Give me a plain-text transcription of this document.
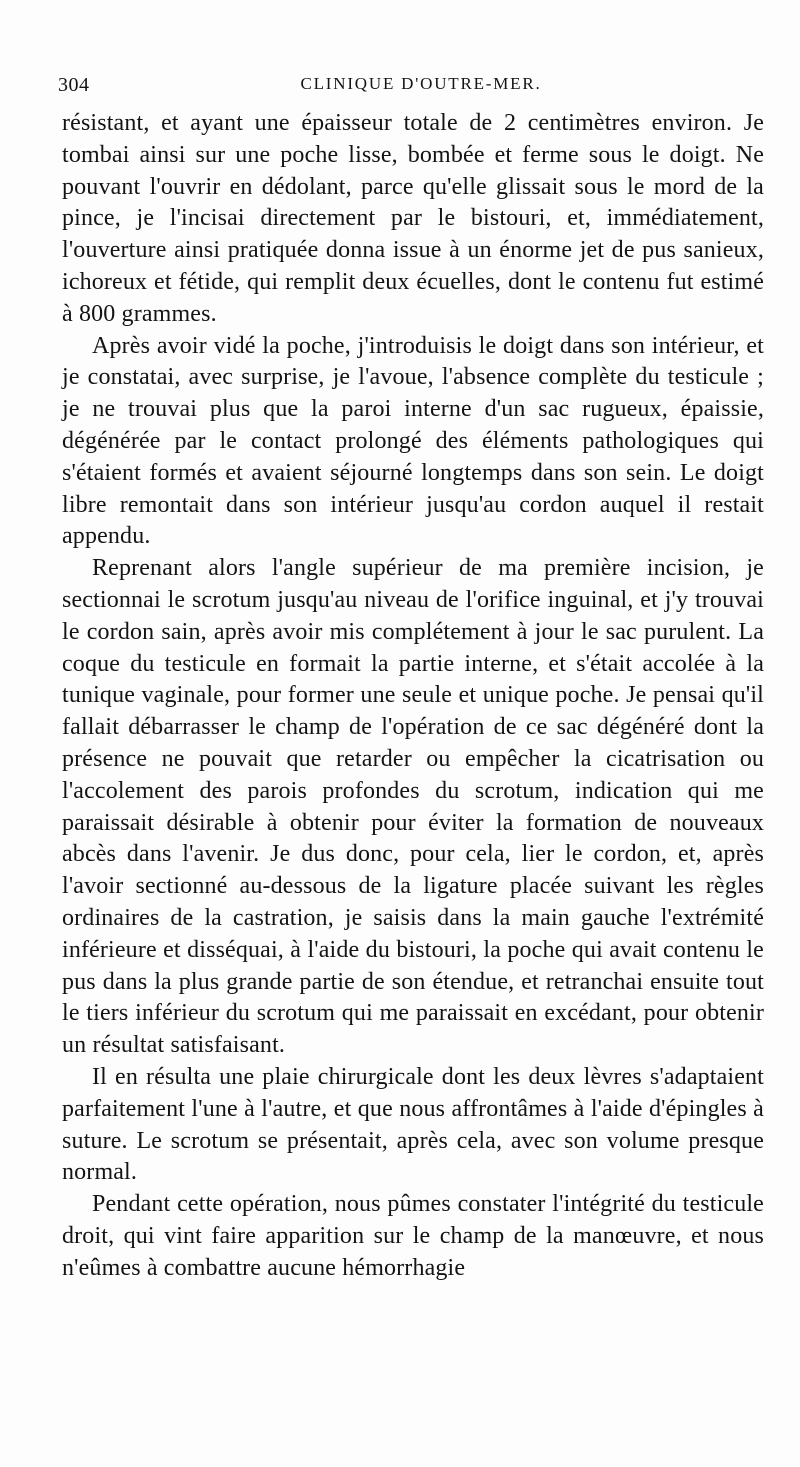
304	CLINIQUE D'OUTRE-MER.

résistant, et ayant une épaisseur totale de 2 centimètres environ. Je tombai ainsi sur une poche lisse, bombée et ferme sous le doigt. Ne pouvant l'ouvrir en dédolant, parce qu'elle glissait sous le mord de la pince, je l'incisai directement par le bistouri, et, immédiatement, l'ouverture ainsi pratiquée donna issue à un énorme jet de pus sanieux, ichoreux et fétide, qui remplit deux écuelles, dont le contenu fut estimé à 800 grammes.

Après avoir vidé la poche, j'introduisis le doigt dans son intérieur, et je constatai, avec surprise, je l'avoue, l'absence complète du testicule ; je ne trouvai plus que la paroi interne d'un sac rugueux, épaissie, dégénérée par le contact prolongé des éléments pathologiques qui s'étaient formés et avaient séjourné longtemps dans son sein. Le doigt libre remontait dans son intérieur jusqu'au cordon auquel il restait appendu.

Reprenant alors l'angle supérieur de ma première incision, je sectionnai le scrotum jusqu'au niveau de l'orifice inguinal, et j'y trouvai le cordon sain, après avoir mis complétement à jour le sac purulent. La coque du testicule en formait la partie interne, et s'était accolée à la tunique vaginale, pour former une seule et unique poche. Je pensai qu'il fallait débarrasser le champ de l'opération de ce sac dégénéré dont la présence ne pouvait que retarder ou empêcher la cicatrisation ou l'accolement des parois profondes du scrotum, indication qui me paraissait désirable à obtenir pour éviter la formation de nouveaux abcès dans l'avenir. Je dus donc, pour cela, lier le cordon, et, après l'avoir sectionné au-dessous de la ligature placée suivant les règles ordinaires de la castration, je saisis dans la main gauche l'extrémité inférieure et disséquai, à l'aide du bistouri, la poche qui avait contenu le pus dans la plus grande partie de son étendue, et retranchai ensuite tout le tiers inférieur du scrotum qui me paraissait en excédant, pour obtenir un résultat satisfaisant.

Il en résulta une plaie chirurgicale dont les deux lèvres s'adaptaient parfaitement l'une à l'autre, et que nous affrontâmes à l'aide d'épingles à suture. Le scrotum se présentait, après cela, avec son volume presque normal.

Pendant cette opération, nous pûmes constater l'intégrité du testicule droit, qui vint faire apparition sur le champ de la manœuvre, et nous n'eûmes à combattre aucune hémorrhagie
